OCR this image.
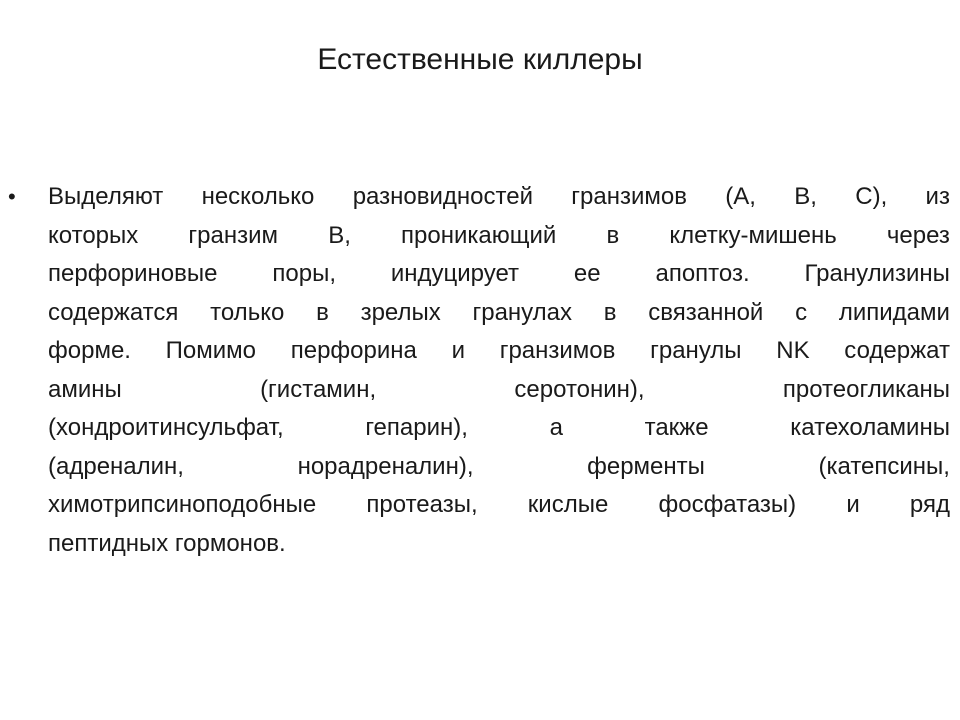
Естественные киллеры
• Выделяют несколько разновидностей гранзимов (А, В, С), из
которых гранзим В, проникающий в клетку-мишень через
перфориновые поры, индуцирует ее апоптоз. Гранулизины
содержатся только в зрелых гранулах в связанной с липидами
форме. Помимо перфорина и гранзимов гранулы NK содержат
амины	(гистамин,	серотонин),	протеогликаны
(хондроитинсульфат,	гепарин),	а	также	катехоламины
(адреналин,	норадреналин),	ферменты	(катепсины,
химотрипсиноподобные протеазы, кислые фосфатазы) и ряд
пептидных гормонов.
